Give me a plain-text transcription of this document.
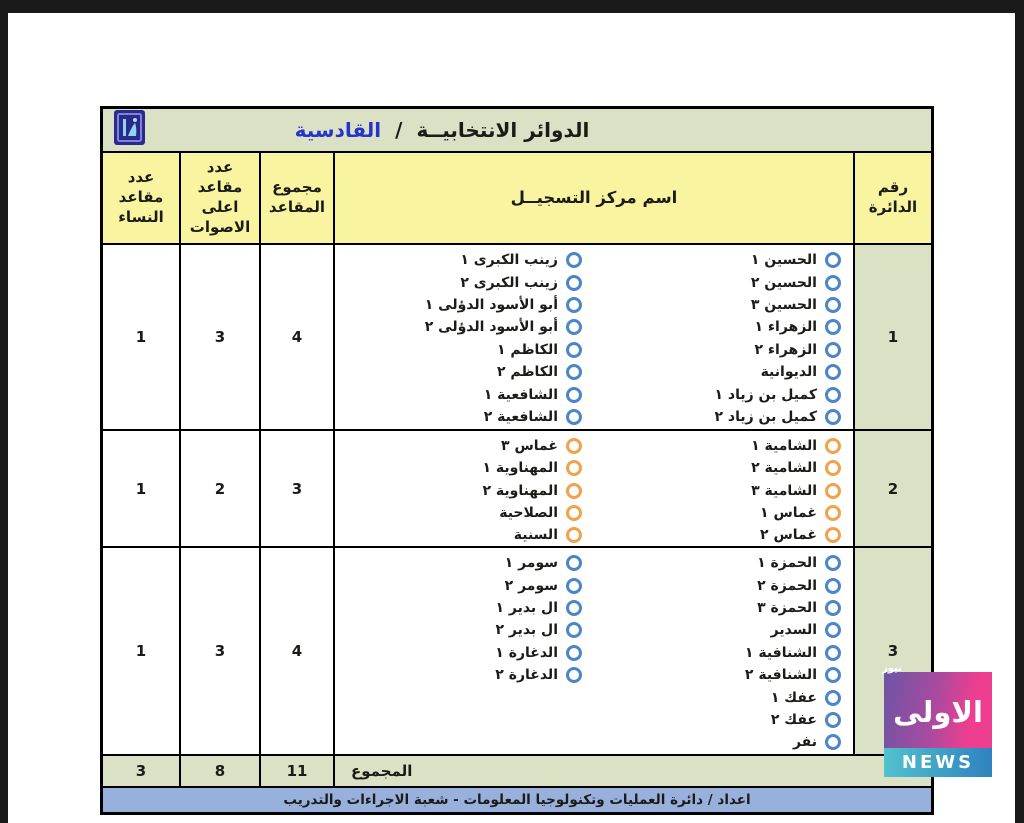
الدوائر الانتخابيــة
/
القادسية
رقم الدائرة
اسم مركز التسجيــل
مجموع المقاعد
عدد مقاعد اعلى الاصوات
عدد مقاعد النساء
1
الحسين ١
الحسين ٢
الحسين ٣
الزهراء ١
الزهراء ٢
الديوانية
كميل بن زياد ١
كميل بن زياد ٢
زينب الكبرى ١
زينب الكبرى ٢
أبو الأسود الدؤلى ١
أبو الأسود الدؤلى ٢
الكاظم ١
الكاظم ٢
الشافعية ١
الشافعية ٢
4
3
1
2
الشامية ١
الشامية ٢
الشامية ٣
غماس ١
غماس ٢
غماس ٣
المهناوية ١
المهناوية ٢
الصلاحية
السنية
3
2
1
3
الحمزة ١
الحمزة ٢
الحمزة ٣
السدير
الشنافية ١
الشنافية ٢
عفك ١
عفك ٢
نفر
سومر ١
سومر ٢
ال بدير ١
ال بدير ٢
الدغارة ١
الدغارة ٢
4
3
1
المجموع
11
8
3
اعداد / دائرة العمليات وتكنولوجيا المعلومات - شعبة الاجراءات والتدريب
الاولى
نيوز
NEWS
